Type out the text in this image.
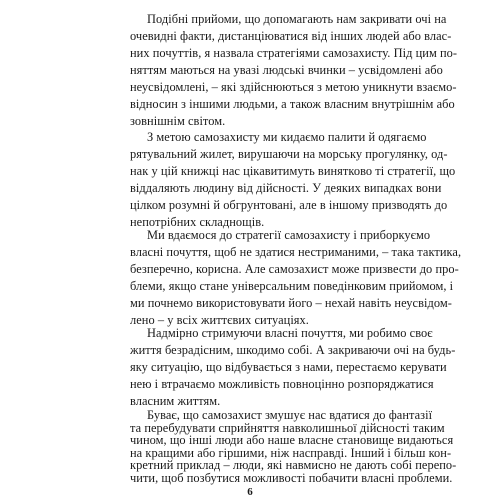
Подібні прийоми, що допомагають нам закривати очі на
очевидні факти, дистанціюватися від інших людей або влас-
них почуттів, я назвала стратегіями самозахисту. Під цим по-
няттям маються на увазі людські вчинки – усвідомлені або
неусвідомлені, – які здійснюються з метою уникнути взаємо-
відносин з іншими людьми, а також власним внутрішнім або
зовнішнім світом.
З метою самозахисту ми кидаємо палити й одягаємо
рятувальний жилет, вирушаючи на морську прогулянку, од-
нак у цій книжці нас цікавитимуть винятково ті стратегії, що
віддаляють людину від дійсності. У деяких випадках вони
цілком розумні й обгрунтовані, але в іншому призводять до
непотрібних складнощів.
Ми вдаємося до стратегії самозахисту і приборкуємо
власні почуття, щоб не здатися нестриманими, – така тактика,
безперечно, корисна. Але самозахист може призвести до про-
блеми, якщо стане універсальним поведінковим прийомом, і
ми почнемо використовувати його – нехай навіть неусвідом-
лено – у всіх життєвих ситуаціях.
Надмірно стримуючи власні почуття, ми робимо своє
життя безрадісним, шкодимо собі. А закриваючи очі на будь-
яку ситуацію, що відбувається з нами, перестаємо керувати
нею і втрачаємо можливість повноцінно розпоряджатися
власним життям.
Буває, що самозахист змушує нас вдатися до фантазії
та перебудувати сприйняття навколишньої дійсності таким
чином, що інші люди або наше власне становище видаються
на кращими або гіршими, ніж насправді. Інший і більш кон-
кретний приклад – люди, які навмисно не дають собі перепо-
чити, щоб позбутися можливості побачити власні проблеми.
6
